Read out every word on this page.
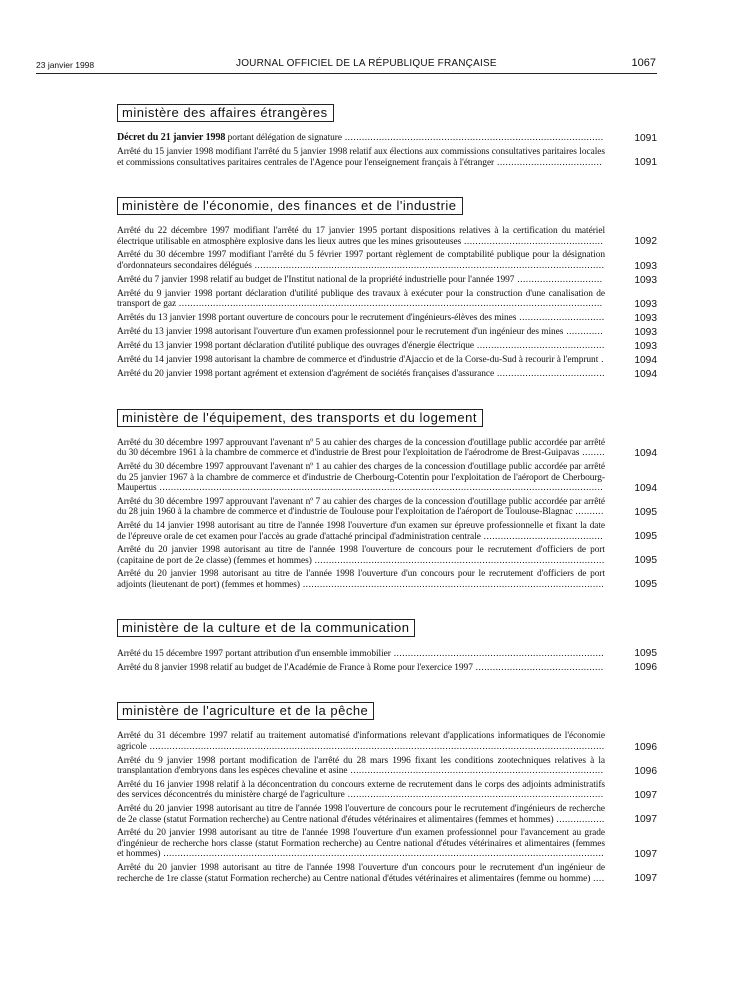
23 janvier 1998	JOURNAL OFFICIEL DE LA RÉPUBLIQUE FRANÇAISE	1067
ministère des affaires étrangères
Décret du 21 janvier 1998 portant délégation de signature ...........................................................................................	1091
Arrêté du 15 janvier 1998 modifiant l'arrêté du 5 janvier 1998 relatif aux élections aux commissions consultatives paritaires locales et commissions consultatives paritaires centrales de l'Agence pour l'enseignement français à l'étranger .....................................	1091
ministère de l'économie, des finances et de l'industrie
Arrêté du 22 décembre 1997 modifiant l'arrêté du 17 janvier 1995 portant dispositions relatives à la certification du matériel électrique utilisable en atmosphère explosive dans les lieux autres que les mines grisouteuses .................................................	1092
Arrêté du 30 décembre 1997 modifiant l'arrêté du 5 février 1997 portant règlement de comptabilité publique pour la désignation d'ordonnateurs secondaires délégués ...........................................................................................................................	1093
Arrêté du 7 janvier 1998 relatif au budget de l'Institut national de la propriété industrielle pour l'année 1997 ..............................	1093
Arrêté du 9 janvier 1998 portant déclaration d'utilité publique des travaux à exécuter pour la construction d'une canalisation de transport de gaz .....................................................................................................................................................	1093
Arrêtés du 13 janvier 1998 portant ouverture de concours pour le recrutement d'ingénieurs-élèves des mines ..............................	1093
Arrêté du 13 janvier 1998 autorisant l'ouverture d'un examen professionnel pour le recrutement d'un ingénieur des mines .............	1093
Arrêté du 13 janvier 1998 portant déclaration d'utilité publique des ouvrages d'énergie électrique .............................................	1093
Arrêté du 14 janvier 1998 autorisant la chambre de commerce et d'industrie d'Ajaccio et de la Corse-du-Sud à recourir à l'emprunt .	1094
Arrêté du 20 janvier 1998 portant agrément et extension d'agrément de sociétés françaises d'assurance ......................................	1094
ministère de l'équipement, des transports et du logement
Arrêté du 30 décembre 1997 approuvant l'avenant nº 5 au cahier des charges de la concession d'outillage public accordée par arrêté du 30 décembre 1961 à la chambre de commerce et d'industrie de Brest pour l'exploitation de l'aérodrome de Brest-Guipavas ........	1094
Arrêté du 30 décembre 1997 approuvant l'avenant nº 1 au cahier des charges de la concession d'outillage public accordée par arrêté du 25 janvier 1967 à la chambre de commerce et d'industrie de Cherbourg-Cotentin pour l'exploitation de l'aéroport de Cherbourg-Maupertus ............................................................................................................................................................	1094
Arrêté du 30 décembre 1997 approuvant l'avenant nº 7 au cahier des charges de la concession d'outillage public accordée par arrêté du 28 juin 1960 à la chambre de commerce et d'industrie de Toulouse pour l'exploitation de l'aéroport de Toulouse-Blagnac ..........	1095
Arrêté du 14 janvier 1998 autorisant au titre de l'année 1998 l'ouverture d'un examen sur épreuve professionnelle et fixant la date de l'épreuve orale de cet examen pour l'accès au grade d'attaché principal d'administration centrale ..........................................	1095
Arrêté du 20 janvier 1998 autorisant au titre de l'année 1998 l'ouverture de concours pour le recrutement d'officiers de port (capitaine de port de 2e classe) (femmes et hommes) ......................................................................................................	1095
Arrêté du 20 janvier 1998 autorisant au titre de l'année 1998 l'ouverture d'un concours pour le recrutement d'officiers de port adjoints (lieutenant de port) (femmes et hommes) ..........................................................................................................	1095
ministère de la culture et de la communication
Arrêté du 15 décembre 1997 portant attribution d'un ensemble immobilier ..........................................................................	1095
Arrêté du 8 janvier 1998 relatif au budget de l'Académie de France à Rome pour l'exercice 1997 .............................................	1096
ministère de l'agriculture et de la pêche
Arrêté du 31 décembre 1997 relatif au traitement automatisé d'informations relevant d'applications informatiques de l'économie agricole ................................................................................................................................................................	1096
Arrêté du 9 janvier 1998 portant modification de l'arrêté du 28 mars 1996 fixant les conditions zootechniques relatives à la transplantation d'embryons dans les espèces chevaline et asine .........................................................................................	1096
Arrêté du 16 janvier 1998 relatif à la déconcentration du concours externe de recrutement dans le corps des adjoints administratifs des services déconcentrés du ministère chargé de l'agriculture ..........................................................................................	1097
Arrêté du 20 janvier 1998 autorisant au titre de l'année 1998 l'ouverture de concours pour le recrutement d'ingénieurs de recherche de 2e classe (statut Formation recherche) au Centre national d'études vétérinaires et alimentaires (femmes et hommes) .................	1097
Arrêté du 20 janvier 1998 autorisant au titre de l'année 1998 l'ouverture d'un examen professionnel pour l'avancement au grade d'ingénieur de recherche hors classe (statut Formation recherche) au Centre national d'études vétérinaires et alimentaires (femmes et hommes) ...........................................................................................................................................................	1097
Arrêté du 20 janvier 1998 autorisant au titre de l'année 1998 l'ouverture d'un concours pour le recrutement d'un ingénieur de recherche de 1re classe (statut Formation recherche) au Centre national d'études vétérinaires et alimentaires (femme ou homme) ....	1097
